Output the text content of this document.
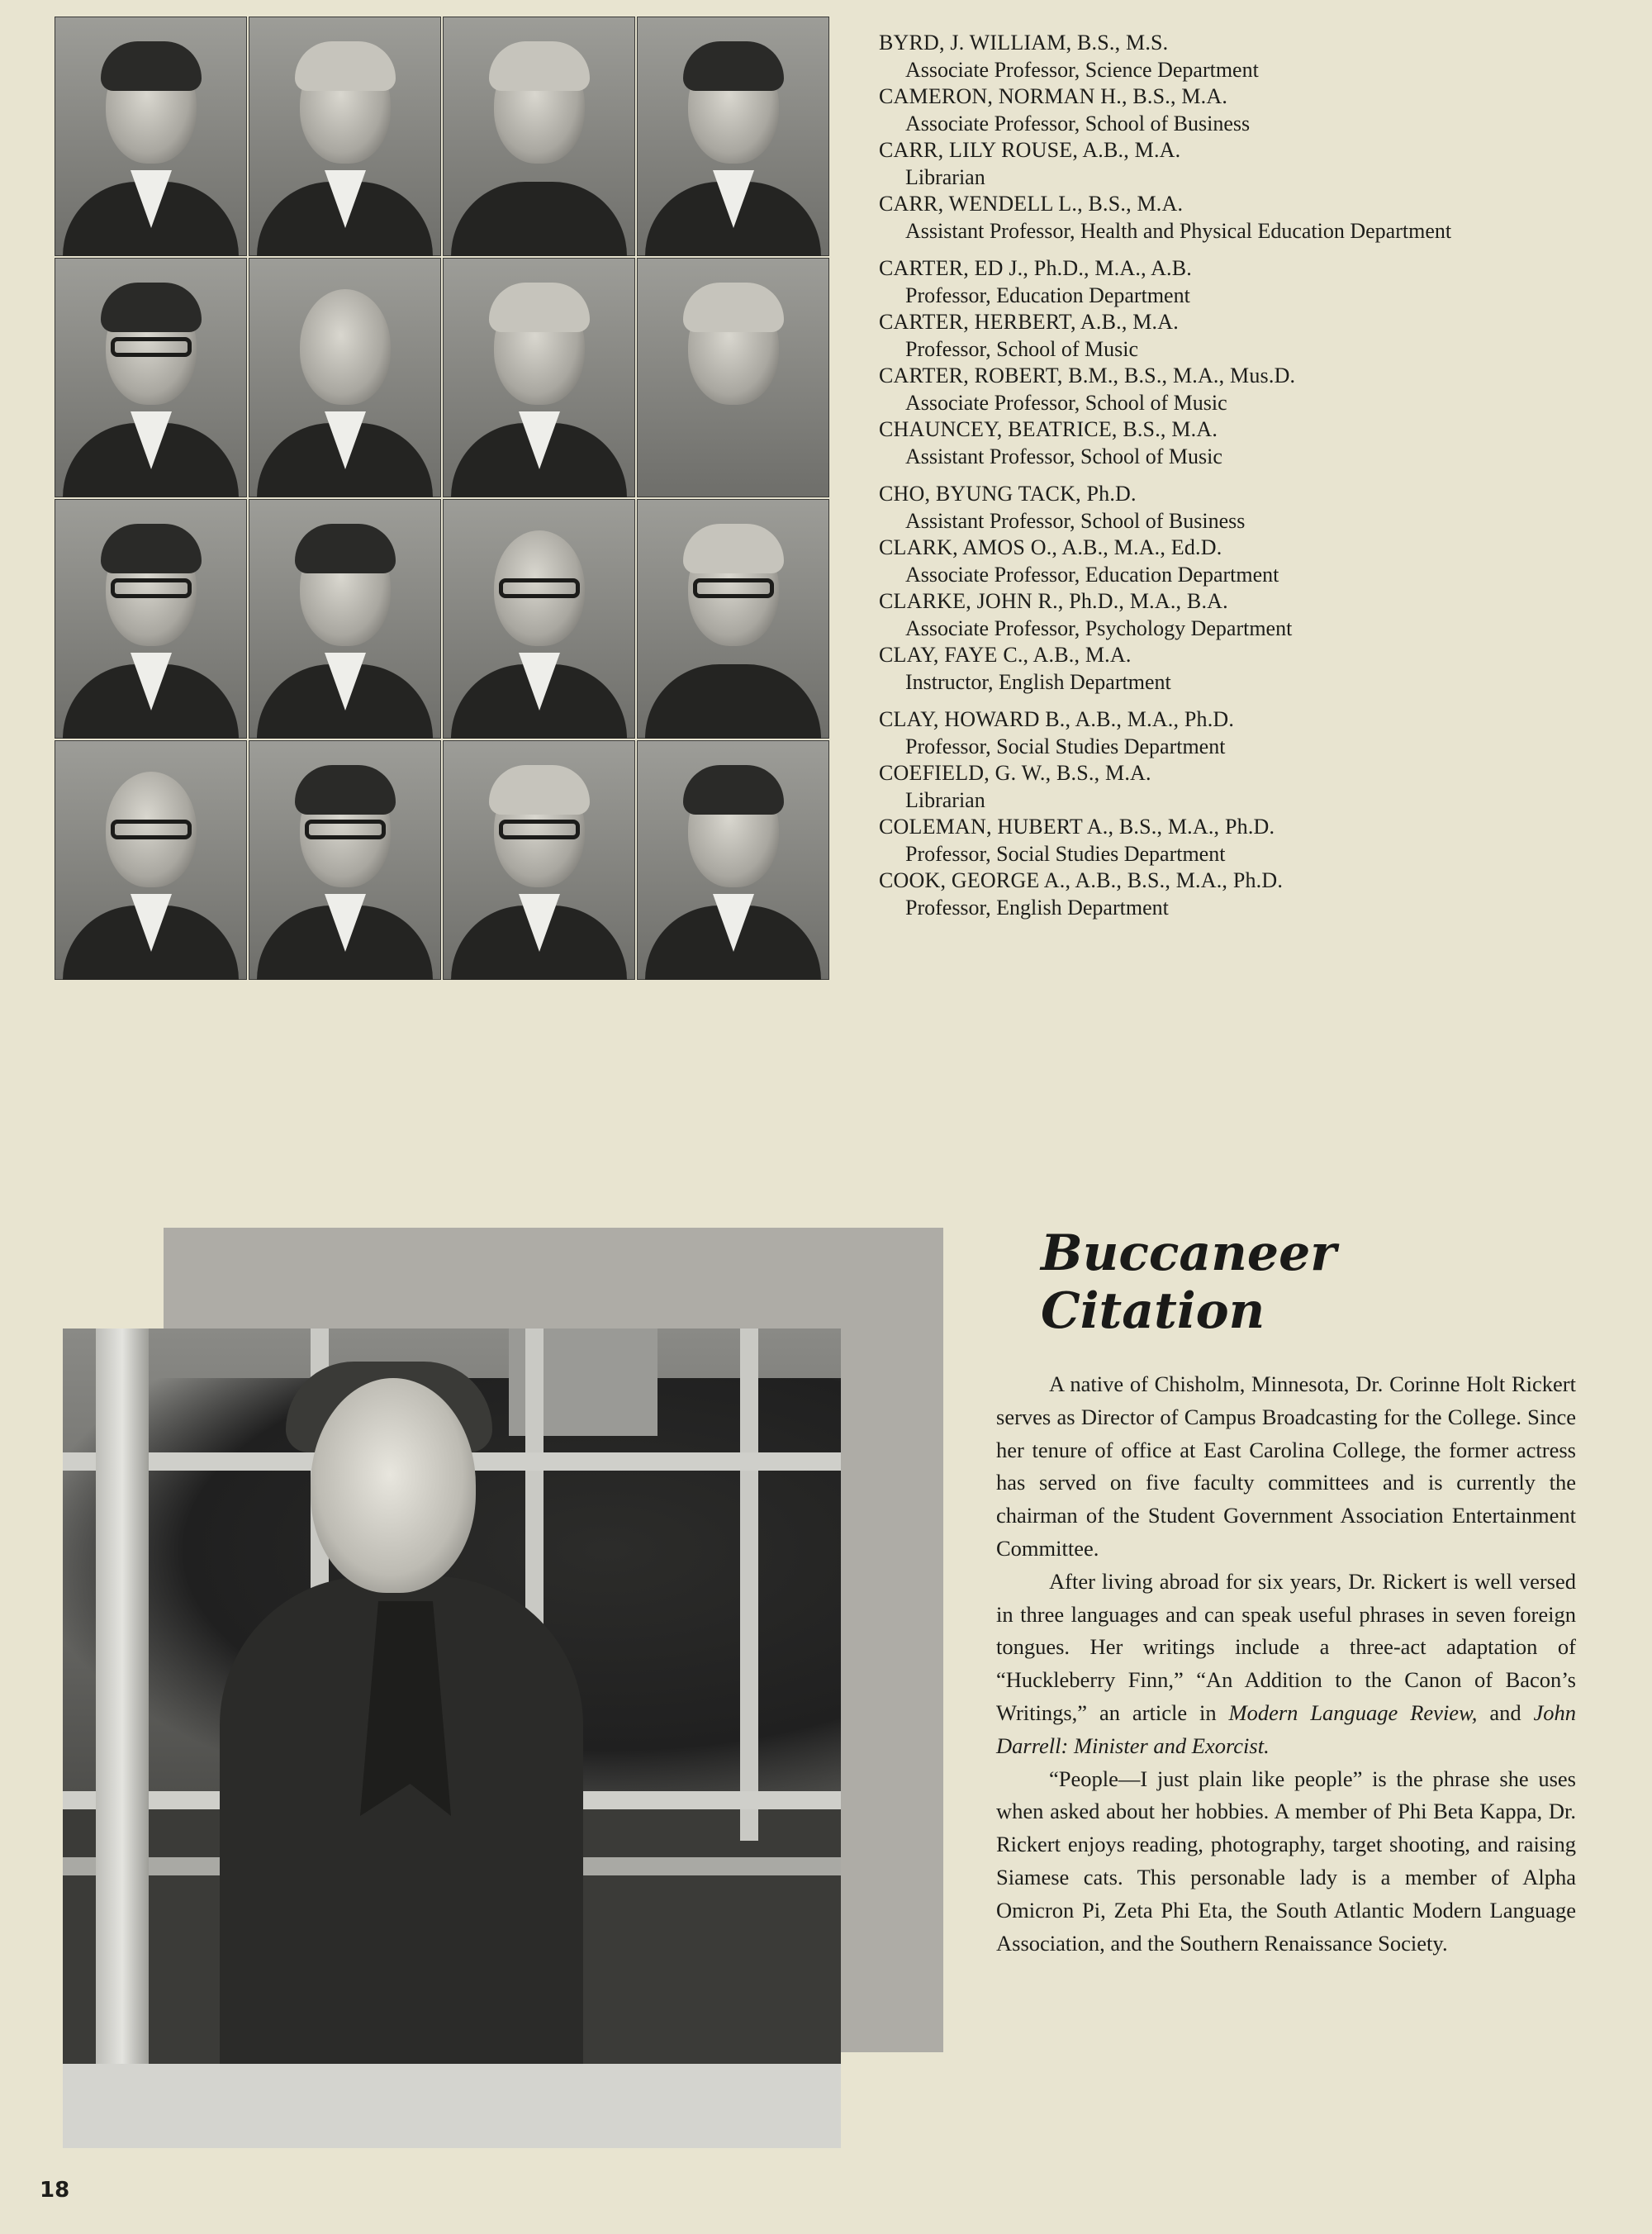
BYRD, J. WILLIAM, B.S., M.S.
Associate Professor, Science Department
CAMERON, NORMAN H., B.S., M.A.
Associate Professor, School of Business
CARR, LILY ROUSE, A.B., M.A.
Librarian
CARR, WENDELL L., B.S., M.A.
Assistant Professor, Health and Physical Education Department
CARTER, ED J., Ph.D., M.A., A.B.
Professor, Education Department
CARTER, HERBERT, A.B., M.A.
Professor, School of Music
CARTER, ROBERT, B.M., B.S., M.A., Mus.D.
Associate Professor, School of Music
CHAUNCEY, BEATRICE, B.S., M.A.
Assistant Professor, School of Music
CHO, BYUNG TACK, Ph.D.
Assistant Professor, School of Business
CLARK, AMOS O., A.B., M.A., Ed.D.
Associate Professor, Education Department
CLARKE, JOHN R., Ph.D., M.A., B.A.
Associate Professor, Psychology Department
CLAY, FAYE C., A.B., M.A.
Instructor, English Department
CLAY, HOWARD B., A.B., M.A., Ph.D.
Professor, Social Studies Department
COEFIELD, G. W., B.S., M.A.
Librarian
COLEMAN, HUBERT A., B.S., M.A., Ph.D.
Professor, Social Studies Department
COOK, GEORGE A., A.B., B.S., M.A., Ph.D.
Professor, English Department
Buccaneer Citation

A native of Chisholm, Minnesota, Dr. Corinne Holt Rickert serves as Director of Campus Broadcasting for the College. Since her tenure of office at East Carolina College, the former actress has served on five faculty committees and is currently the chairman of the Student Government Association Entertainment Committee.

After living abroad for six years, Dr. Rickert is well versed in three languages and can speak useful phrases in seven foreign tongues. Her writings include a three-act adaptation of “Huckleberry Finn,” “An Addition to the Canon of Bacon’s Writings,” an article in Modern Language Review, and John Darrell: Minister and Exorcist.

“People—I just plain like people” is the phrase she uses when asked about her hobbies. A member of Phi Beta Kappa, Dr. Rickert enjoys reading, photography, target shooting, and raising Siamese cats. This personable lady is a member of Alpha Omicron Pi, Zeta Phi Eta, the South Atlantic Modern Language Association, and the Southern Renaissance Society.

18
